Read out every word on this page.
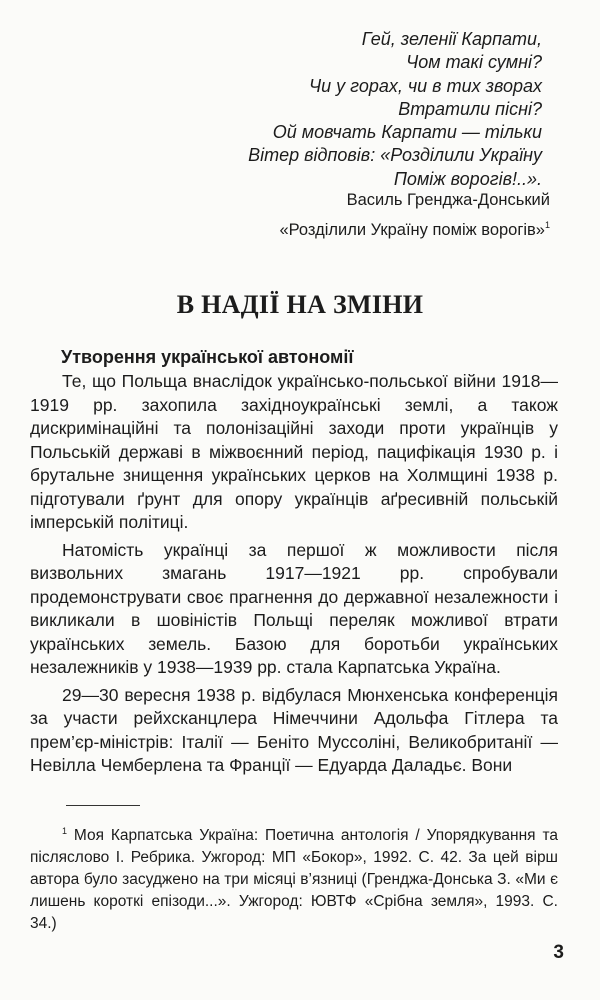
Гей, зеленії Карпати,
Чом такі сумні?
Чи у горах, чи в тих зворах
Втратили пісні?
Ой мовчать Карпати — тільки
Вітер відповів: «Розділили Україну
Поміж ворогів!..».
Василь Гренджа-Донський
«Розділили Україну поміж ворогів»$^1$
В НАДІЇ НА ЗМІНИ
Утворення української автономії

Те, що Польща внаслідок українсько-польської війни 1918—1919 рр. захопила західноукраїнські землі, а також дискримінаційні та полонізаційні заходи проти українців у Польській державі в міжвоєнний період, пацифікація 1930 р. і брутальне знищення українських церков на Холмщині 1938 р. підготували ґрунт для опору українців аґресивній польській імперській політиці.

Натомість українці за першої ж можливости після визвольних змагань 1917—1921 рр. спробували продемонструвати своє прагнення до державної незалежности і викликали в шовіністів Польщі переляк можливої втрати українських земель. Базою для боротьби українських незалежників у 1938—1939 рр. стала Карпатська Україна.

29—30 вересня 1938 р. відбулася Мюнхенська конференція за участи рейхсканцлера Німеччини Адольфа Гітлера та прем’єр-міністрів: Італії — Беніто Муссоліні, Великобританії — Невілла Чемберлена та Франції — Едуарда Даладьє. Вони

$^1$ Моя Карпатська Україна: Поетична антологія / Упорядкування та післяслово І. Ребрика. Ужгород: МП «Бокор», 1992. С. 42. За цей вірш автора було засуджено на три місяці в’язниці (Гренджа-Донська З. «Ми є лишень короткі епізоди...». Ужгород: ЮВТФ «Срібна земля», 1993. С. 34.)

3
